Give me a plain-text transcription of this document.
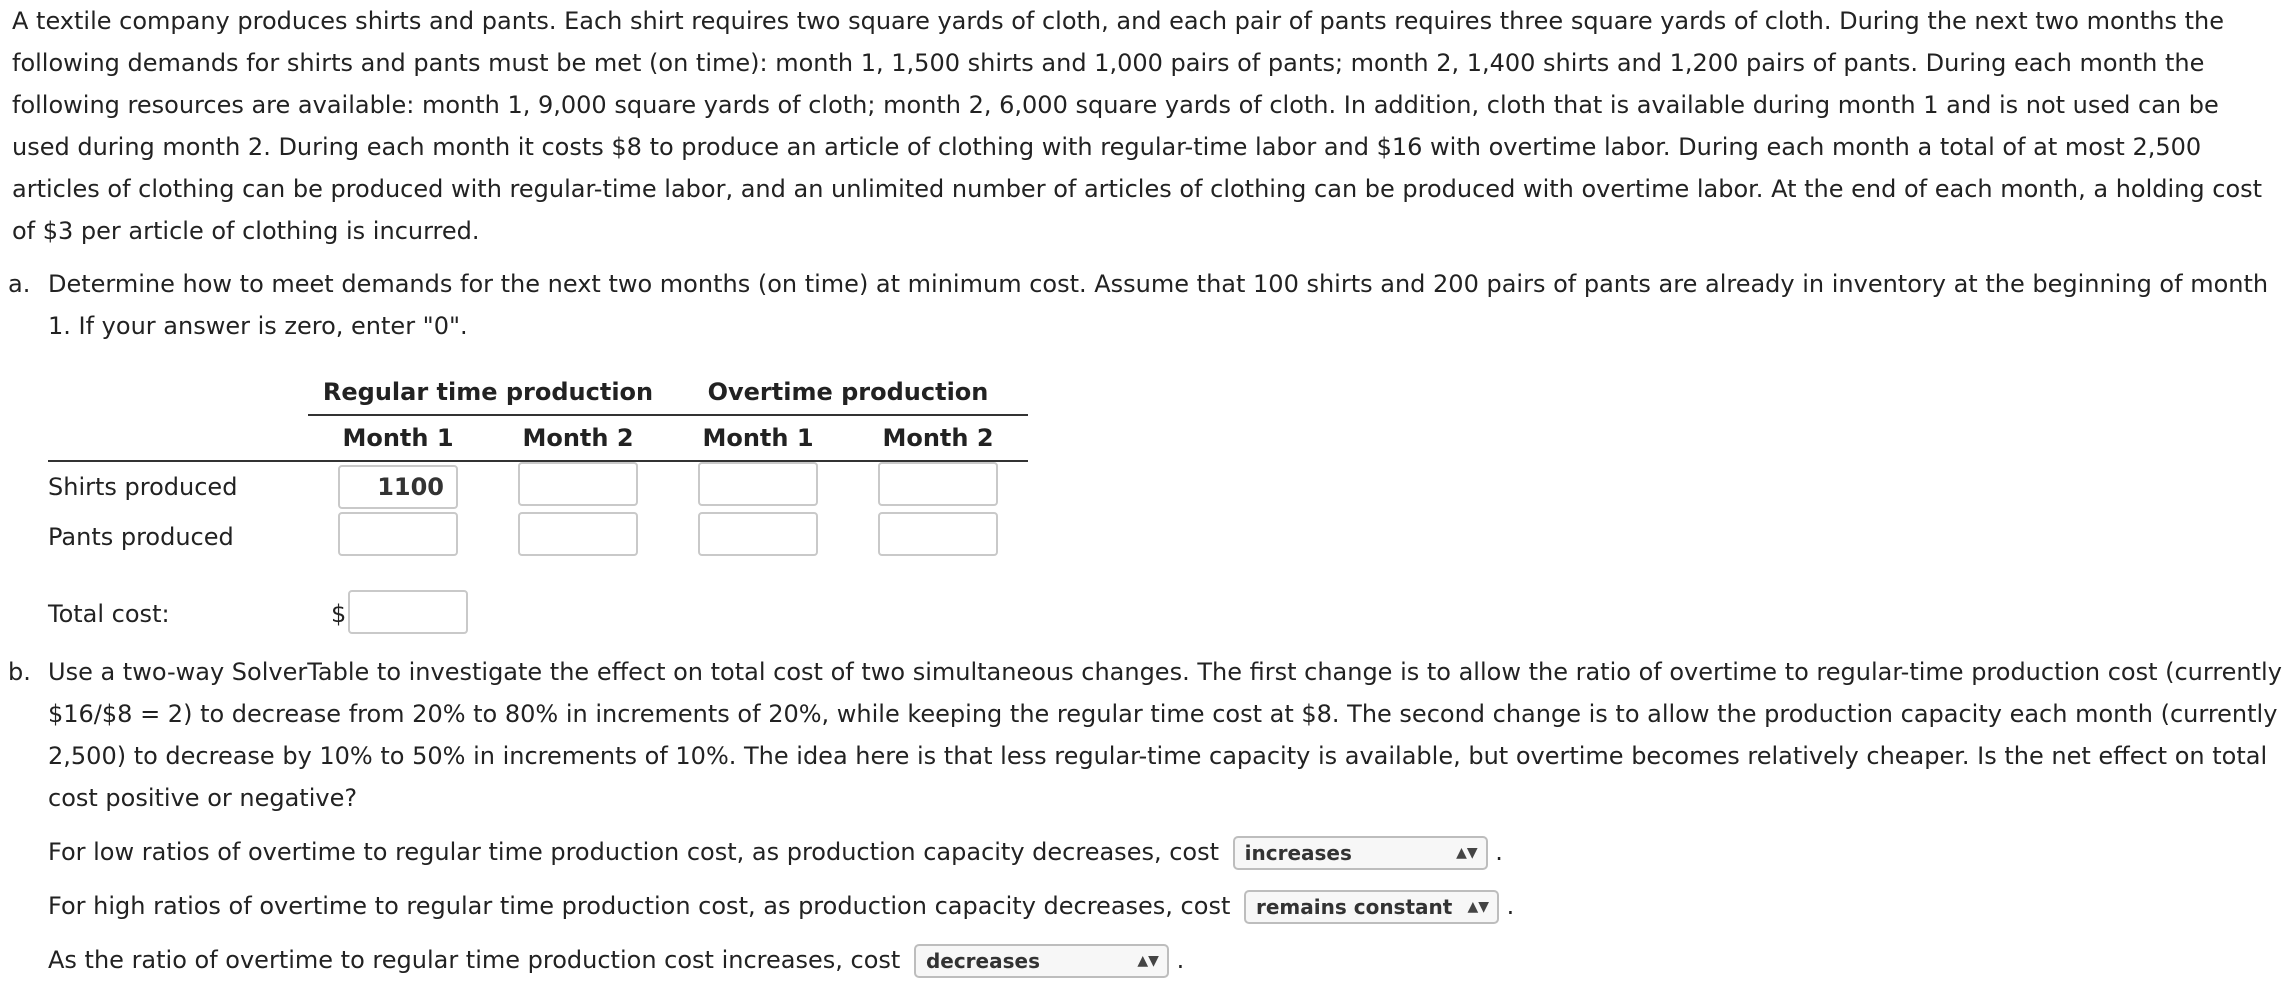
A textile company produces shirts and pants. Each shirt requires two square yards of cloth, and each pair of pants requires three square yards of cloth. During the next two months the following demands for shirts and pants must be met (on time): month 1, 1,500 shirts and 1,000 pairs of pants; month 2, 1,400 shirts and 1,200 pairs of pants. During each month the following resources are available: month 1, 9,000 square yards of cloth; month 2, 6,000 square yards of cloth. In addition, cloth that is available during month 1 and is not used can be used during month 2. During each month it costs $8 to produce an article of clothing with regular-time labor and $16 with overtime labor. During each month a total of at most 2,500 articles of clothing can be produced with regular-time labor, and an unlimited number of articles of clothing can be produced with overtime labor. At the end of each month, a holding cost of $3 per article of clothing is incurred.

a. Determine how to meet demands for the next two months (on time) at minimum cost. Assume that 100 shirts and 200 pairs of pants are already in inventory at the beginning of month 1. If your answer is zero, enter "0".
	Regular time production		Overtime production	
	Month 1	Month 2	Month 1	Month 2
Shirts produced	1100			
Pants produced				
Total cost:	$
b. Use a two-way SolverTable to investigate the effect on total cost of two simultaneous changes. The first change is to allow the ratio of overtime to regular-time production cost (currently $16/$8 = 2) to decrease from 20% to 80% in increments of 20%, while keeping the regular time cost at $8. The second change is to allow the production capacity each month (currently 2,500) to decrease by 10% to 50% in increments of 10%. The idea here is that less regular-time capacity is available, but overtime becomes relatively cheaper. Is the net effect on total cost positive or negative?
For low ratios of overtime to regular time production cost, as production capacity decreases, cost increases	▲▼ .
For high ratios of overtime to regular time production cost, as production capacity decreases, cost remains constant ▲▼ .
As the ratio of overtime to regular time production cost increases, cost decreases	▲▼ .
